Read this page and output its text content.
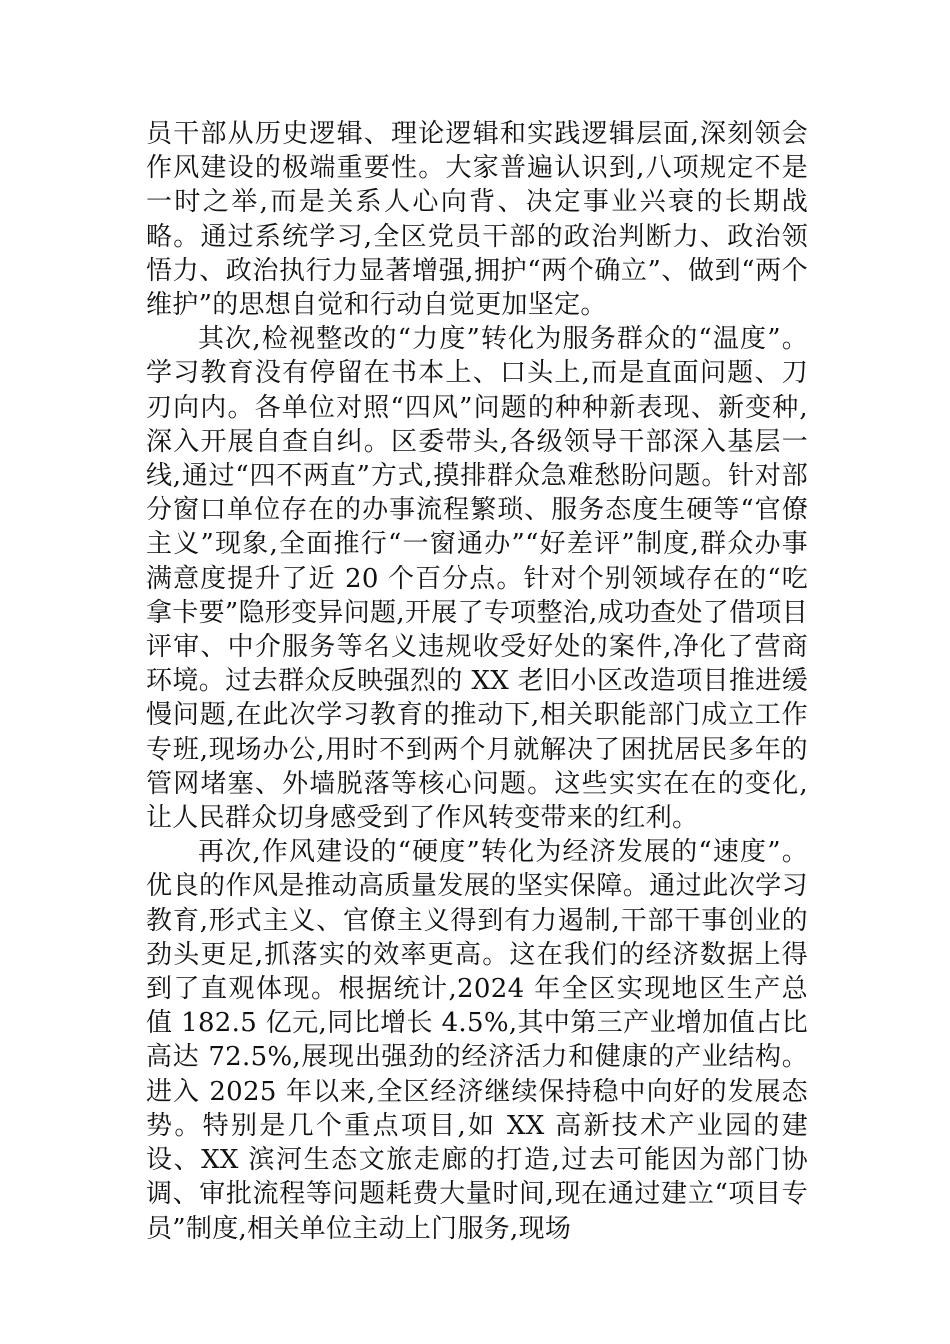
员干部从历史逻辑、理论逻辑和实践逻辑层面,深刻领会作风建设的极端重要性。大家普遍认识到,八项规定不是一时之举,而是关系人心向背、决定事业兴衰的长期战略。通过系统学习,全区党员干部的政治判断力、政治领悟力、政治执行力显著增强,拥护“两个确立”、做到“两个维护”的思想自觉和行动自觉更加坚定。

其次,检视整改的“力度”转化为服务群众的“温度”。学习教育没有停留在书本上、口头上,而是直面问题、刀刃向内。各单位对照“四风”问题的种种新表现、新变种,深入开展自查自纠。区委带头,各级领导干部深入基层一线,通过“四不两直”方式,摸排群众急难愁盼问题。针对部分窗口单位存在的办事流程繁琐、服务态度生硬等“官僚主义”现象,全面推行“一窗通办”“好差评”制度,群众办事满意度提升了近 20 个百分点。针对个别领域存在的“吃拿卡要”隐形变异问题,开展了专项整治,成功查处了借项目评审、中介服务等名义违规收受好处的案件,净化了营商环境。过去群众反映强烈的 XX 老旧小区改造项目推进缓慢问题,在此次学习教育的推动下,相关职能部门成立工作专班,现场办公,用时不到两个月就解决了困扰居民多年的管网堵塞、外墙脱落等核心问题。这些实实在在的变化,让人民群众切身感受到了作风转变带来的红利。

再次,作风建设的“硬度”转化为经济发展的“速度”。优良的作风是推动高质量发展的坚实保障。通过此次学习教育,形式主义、官僚主义得到有力遏制,干部干事创业的劲头更足,抓落实的效率更高。这在我们的经济数据上得到了直观体现。根据统计,2024 年全区实现地区生产总值 182.5 亿元,同比增长 4.5%,其中第三产业增加值占比高达 72.5%,展现出强劲的经济活力和健康的产业结构。进入 2025 年以来,全区经济继续保持稳中向好的发展态势。特别是几个重点项目,如 XX 高新技术产业园的建设、XX 滨河生态文旅走廊的打造,过去可能因为部门协调、审批流程等问题耗费大量时间,现在通过建立“项目专员”制度,相关单位主动上门服务,现场
